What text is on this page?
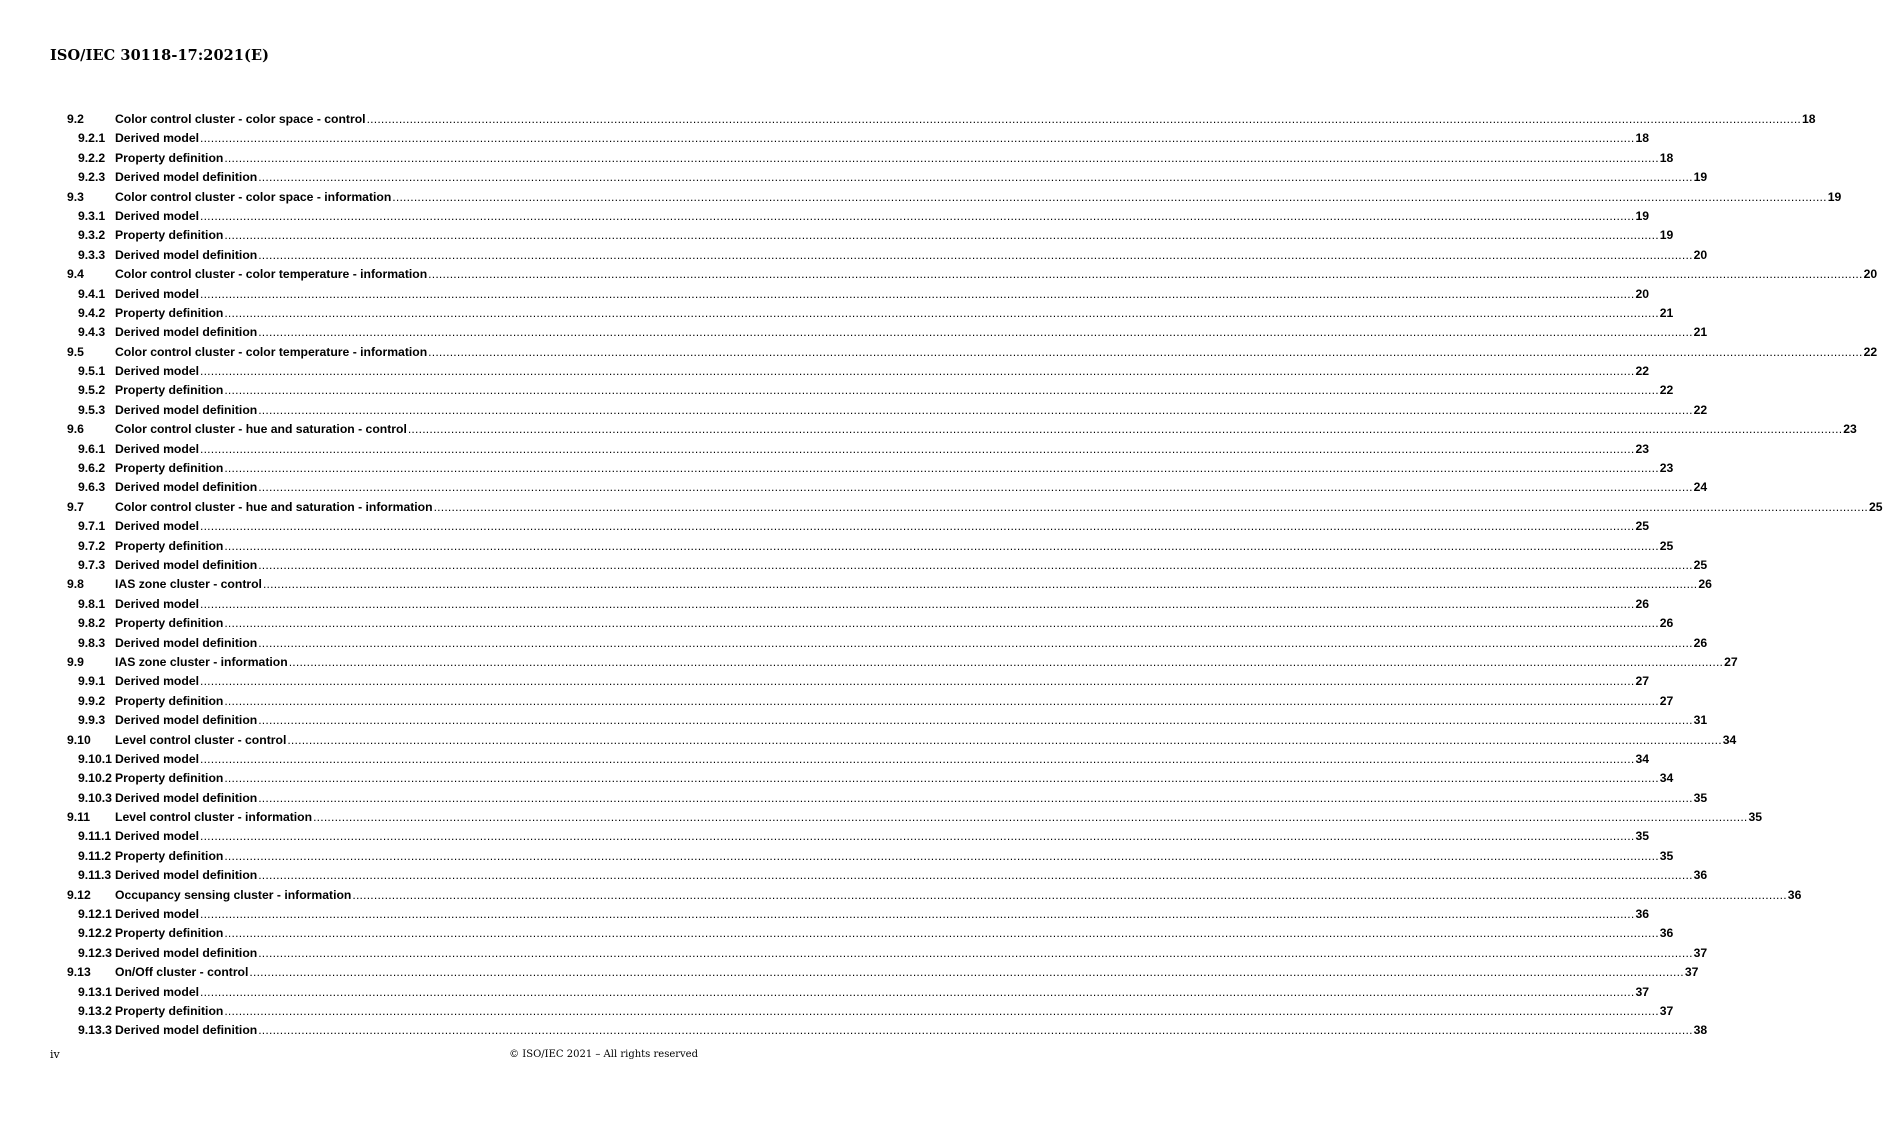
ISO/IEC 30118-17:2021(E)
9.2	Color control cluster - color space - control ................................................................................................................................................................................................................................................................................................................................................................................................................ 18
9.2.1 Derived model ................................................................................................................................................................................................................................................................................................................................................................................................................ 18
9.2.2 Property definition ................................................................................................................................................................................................................................................................................................................................................................................................................ 18
9.2.3 Derived model definition ................................................................................................................................................................................................................................................................................................................................................................................................................ 19
9.3	Color control cluster - color space - information ................................................................................................................................................................................................................................................................................................................................................................................................................ 19
9.3.1 Derived model ................................................................................................................................................................................................................................................................................................................................................................................................................ 19
9.3.2 Property definition ................................................................................................................................................................................................................................................................................................................................................................................................................ 19
9.3.3 Derived model definition ................................................................................................................................................................................................................................................................................................................................................................................................................ 20
9.4	Color control cluster - color temperature - information ................................................................................................................................................................................................................................................................................................................................................................................................................ 20
9.4.1 Derived model ................................................................................................................................................................................................................................................................................................................................................................................................................ 20
9.4.2 Property definition ................................................................................................................................................................................................................................................................................................................................................................................................................ 21
9.4.3 Derived model definition ................................................................................................................................................................................................................................................................................................................................................................................................................ 21
9.5	Color control cluster - color temperature - information ................................................................................................................................................................................................................................................................................................................................................................................................................ 22
9.5.1 Derived model ................................................................................................................................................................................................................................................................................................................................................................................................................ 22
9.5.2 Property definition ................................................................................................................................................................................................................................................................................................................................................................................................................ 22
9.5.3 Derived model definition ................................................................................................................................................................................................................................................................................................................................................................................................................ 22
9.6	Color control cluster - hue and saturation - control ................................................................................................................................................................................................................................................................................................................................................................................................................ 23
9.6.1 Derived model ................................................................................................................................................................................................................................................................................................................................................................................................................ 23
9.6.2 Property definition ................................................................................................................................................................................................................................................................................................................................................................................................................ 23
9.6.3 Derived model definition ................................................................................................................................................................................................................................................................................................................................................................................................................ 24
9.7	Color control cluster - hue and saturation - information ................................................................................................................................................................................................................................................................................................................................................................................................................ 25
9.7.1 Derived model ................................................................................................................................................................................................................................................................................................................................................................................................................ 25
9.7.2 Property definition ................................................................................................................................................................................................................................................................................................................................................................................................................ 25
9.7.3 Derived model definition ................................................................................................................................................................................................................................................................................................................................................................................................................ 25
9.8	IAS zone cluster - control ................................................................................................................................................................................................................................................................................................................................................................................................................ 26
9.8.1 Derived model ................................................................................................................................................................................................................................................................................................................................................................................................................ 26
9.8.2 Property definition ................................................................................................................................................................................................................................................................................................................................................................................................................ 26
9.8.3 Derived model definition ................................................................................................................................................................................................................................................................................................................................................................................................................ 26
9.9	IAS zone cluster - information ................................................................................................................................................................................................................................................................................................................................................................................................................ 27
9.9.1 Derived model ................................................................................................................................................................................................................................................................................................................................................................................................................ 27
9.9.2 Property definition ................................................................................................................................................................................................................................................................................................................................................................................................................ 27
9.9.3 Derived model definition ................................................................................................................................................................................................................................................................................................................................................................................................................ 31
9.10 Level control cluster - control ................................................................................................................................................................................................................................................................................................................................................................................................................ 34
9.10.1 Derived model ................................................................................................................................................................................................................................................................................................................................................................................................................ 34
9.10.2 Property definition ................................................................................................................................................................................................................................................................................................................................................................................................................ 34
9.10.3 Derived model definition ................................................................................................................................................................................................................................................................................................................................................................................................................ 35
9.11 Level control cluster - information ................................................................................................................................................................................................................................................................................................................................................................................................................ 35
9.11.1 Derived model ................................................................................................................................................................................................................................................................................................................................................................................................................ 35
9.11.2 Property definition ................................................................................................................................................................................................................................................................................................................................................................................................................ 35
9.11.3 Derived model definition ................................................................................................................................................................................................................................................................................................................................................................................................................ 36
9.12 Occupancy sensing cluster - information ................................................................................................................................................................................................................................................................................................................................................................................................................ 36
9.12.1 Derived model ................................................................................................................................................................................................................................................................................................................................................................................................................ 36
9.12.2 Property definition ................................................................................................................................................................................................................................................................................................................................................................................................................ 36
9.12.3 Derived model definition ................................................................................................................................................................................................................................................................................................................................................................................................................ 37
9.13 On/Off cluster - control ................................................................................................................................................................................................................................................................................................................................................................................................................ 37
9.13.1 Derived model ................................................................................................................................................................................................................................................................................................................................................................................................................ 37
9.13.2 Property definition ................................................................................................................................................................................................................................................................................................................................................................................................................ 37
9.13.3 Derived model definition ................................................................................................................................................................................................................................................................................................................................................................................................................ 38
iv	© ISO/IEC 2021 – All rights reserved
